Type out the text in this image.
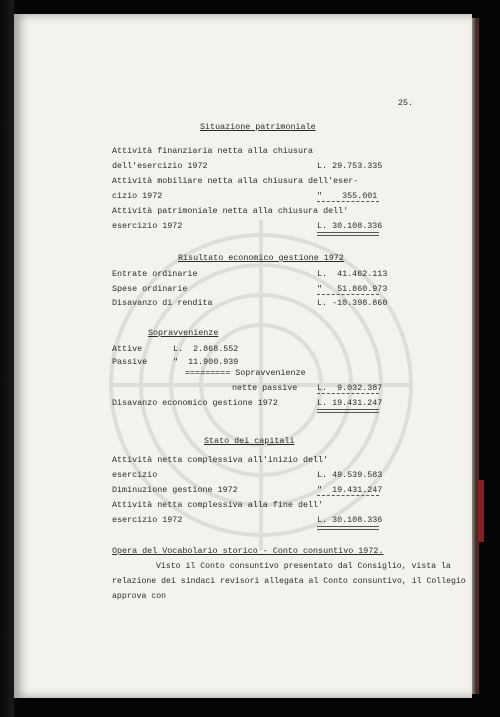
25.
Situazione patrimoniale
Attività finanziaria netta alla chiusura
dell'esercizio 1972	L. 29.753.335
Attività mobiliare netta alla chiusura dell'eser-
cizio 1972	"    355.001
Attività patrimoniale netta alla chiusura dell'
esercizio 1972	L. 30.108.336
Risultato economico gestione 1972
Entrate ordinarie	L.  41.462.113
Spese ordinarie	"   51.860.973
Disavanzo di rendita	L. -10.398.860
Sopravvenienze
Attive	L.  2.868.552
Passive	"  11.900.939
========= Sopravvenienze
nette passive L.  9.032.387
Disavanzo economico gestione 1972	L. 19.431.247
Stato dei capitali
Attività netta complessiva all'inizio dell'
esercizio	L. 49.539.583
Diminuzione gestione 1972	"  19.431.247
Attività netta complessiva alla fine dell'
esercizio 1972	L. 30.108.336
Opera del Vocabolario storico - Conto consuntivo 1972.
Visto il Conto consuntivo presentato dal Consiglio, vista la
relazione dei sindaci revisori allegata al Conto consuntivo, il Collegio
approva con
